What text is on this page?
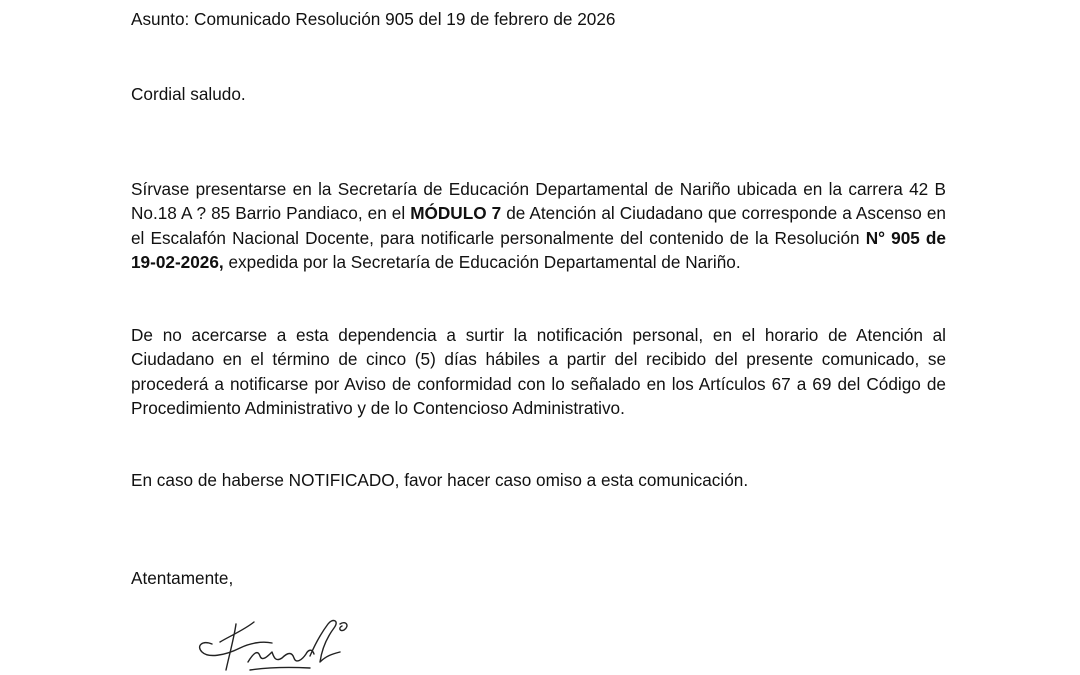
Asunto: Comunicado Resolución 905 del 19 de febrero de 2026
Cordial saludo.
Sírvase presentarse en la Secretaría de Educación Departamental de Nariño ubicada en la carrera 42 B No.18 A ? 85 Barrio Pandiaco, en el MÓDULO 7 de Atención al Ciudadano que corresponde a Ascenso en el Escalafón Nacional Docente, para notificarle personalmente del contenido de la Resolución N° 905 de 19-02-2026, expedida por la Secretaría de Educación Departamental de Nariño.
De no acercarse a esta dependencia a surtir la notificación personal, en el horario de Atención al Ciudadano en el término de cinco (5) días hábiles a partir del recibido del presente comunicado, se procederá a notificarse por Aviso de conformidad con lo señalado en los Artículos 67 a 69 del Código de Procedimiento Administrativo y de lo Contencioso Administrativo.
En caso de haberse NOTIFICADO, favor hacer caso omiso a esta comunicación.
Atentamente,
